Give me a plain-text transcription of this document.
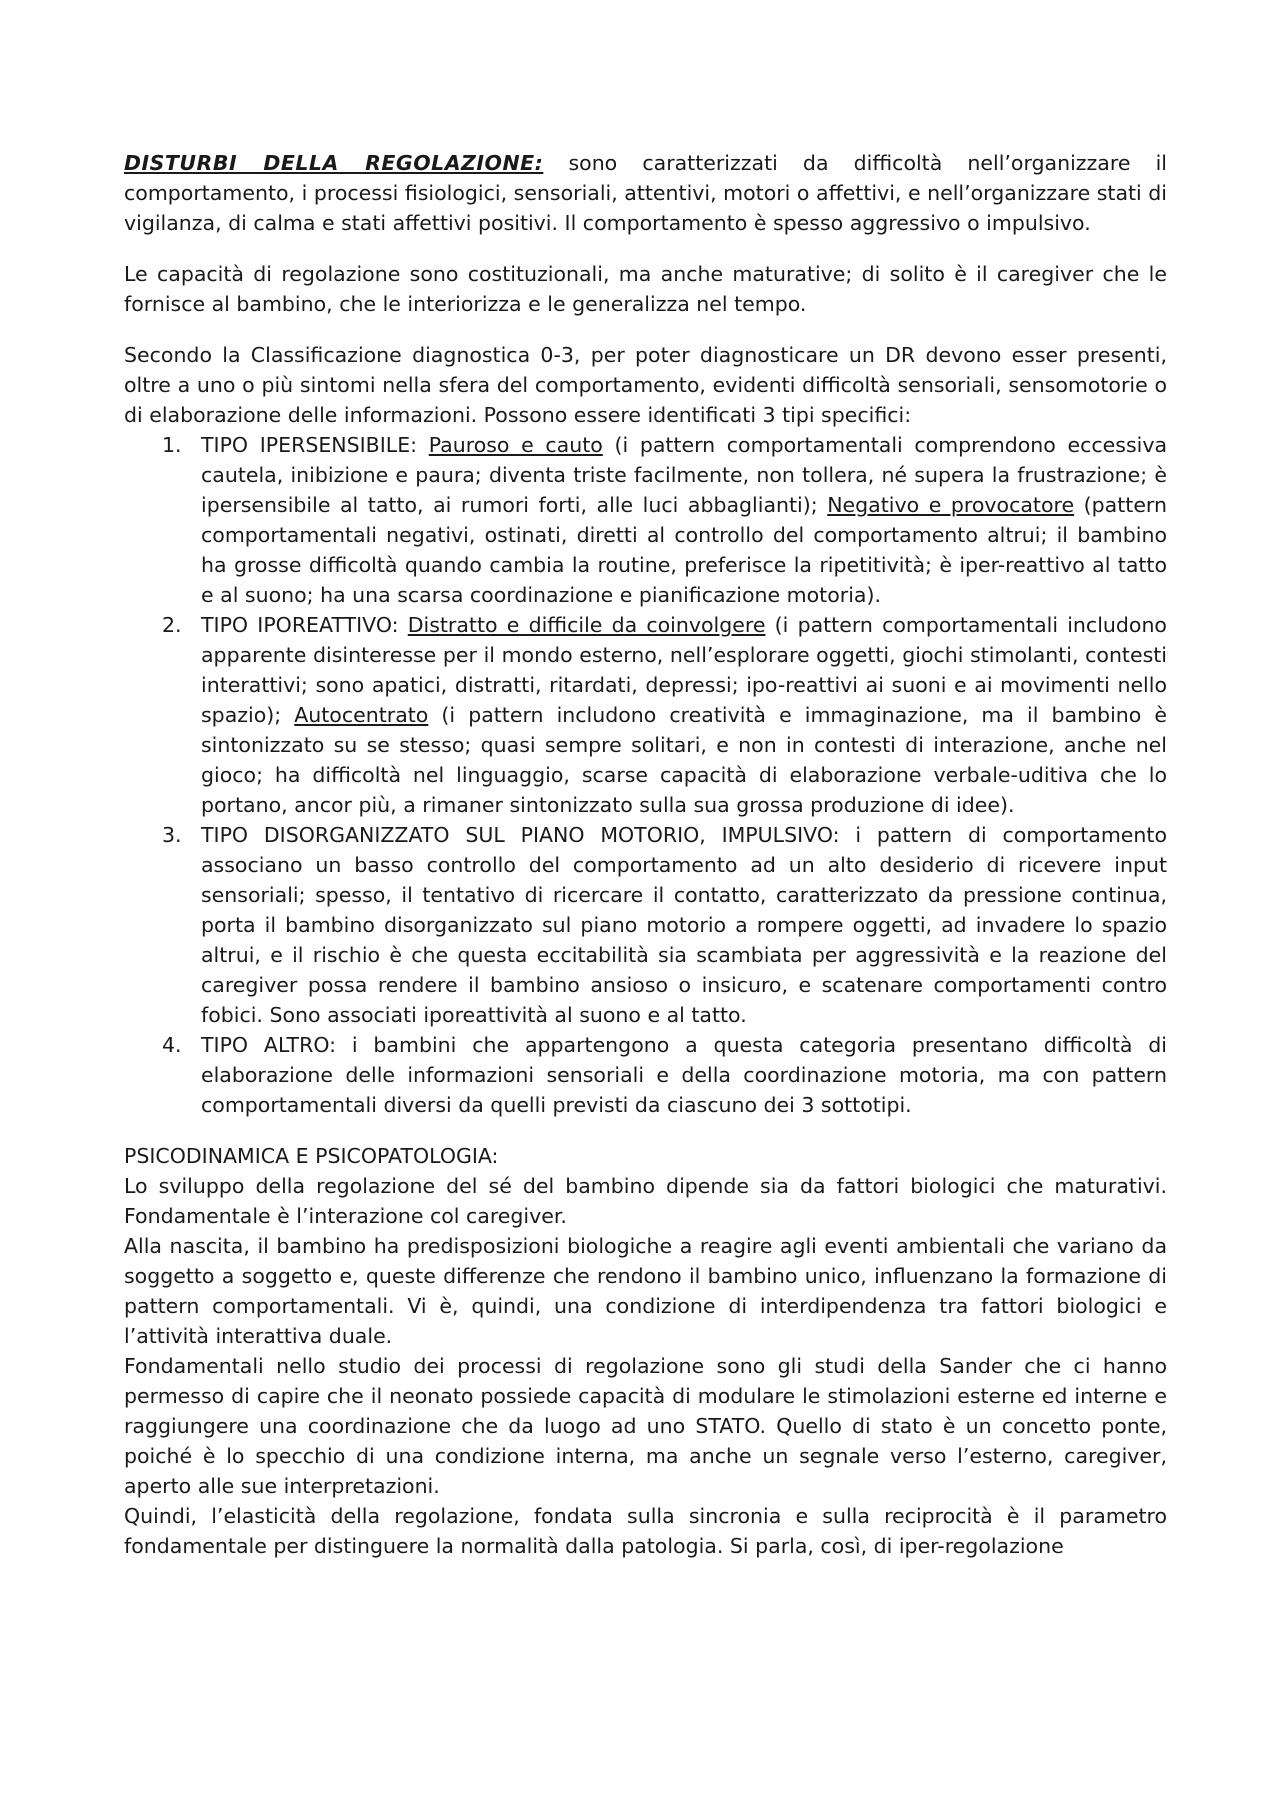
DISTURBI DELLA REGOLAZIONE: sono caratterizzati da difficoltà nell’organizzare il comportamento, i processi fisiologici, sensoriali, attentivi, motori o affettivi, e nell’organizzare stati di vigilanza, di calma e stati affettivi positivi. Il comportamento è spesso aggressivo o impulsivo.

Le capacità di regolazione sono costituzionali, ma anche maturative; di solito è il caregiver che le fornisce al bambino, che le interiorizza e le generalizza nel tempo.

Secondo la Classificazione diagnostica 0-3, per poter diagnosticare un DR devono esser presenti, oltre a uno o più sintomi nella sfera del comportamento, evidenti difficoltà sensoriali, sensomotorie o di elaborazione delle informazioni. Possono essere identificati 3 tipi specifici:

1. TIPO IPERSENSIBILE: Pauroso e cauto (i pattern comportamentali comprendono eccessiva cautela, inibizione e paura; diventa triste facilmente, non tollera, né supera la frustrazione; è ipersensibile al tatto, ai rumori forti, alle luci abbaglianti); Negativo e provocatore (pattern comportamentali negativi, ostinati, diretti al controllo del comportamento altrui; il bambino ha grosse difficoltà quando cambia la routine, preferisce la ripetitività; è iper-reattivo al tatto e al suono; ha una scarsa coordinazione e pianificazione motoria).
2. TIPO IPOREATTIVO: Distratto e difficile da coinvolgere (i pattern comportamentali includono apparente disinteresse per il mondo esterno, nell’esplorare oggetti, giochi stimolanti, contesti interattivi; sono apatici, distratti, ritardati, depressi; ipo-reattivi ai suoni e ai movimenti nello spazio); Autocentrato (i pattern includono creatività e immaginazione, ma il bambino è sintonizzato su se stesso; quasi sempre solitari, e non in contesti di interazione, anche nel gioco; ha difficoltà nel linguaggio, scarse capacità di elaborazione verbale-uditiva che lo portano, ancor più, a rimaner sintonizzato sulla sua grossa produzione di idee).
3. TIPO DISORGANIZZATO SUL PIANO MOTORIO, IMPULSIVO: i pattern di comportamento associano un basso controllo del comportamento ad un alto desiderio di ricevere input sensoriali; spesso, il tentativo di ricercare il contatto, caratterizzato da pressione continua, porta il bambino disorganizzato sul piano motorio a rompere oggetti, ad invadere lo spazio altrui, e il rischio è che questa eccitabilità sia scambiata per aggressività e la reazione del caregiver possa rendere il bambino ansioso o insicuro, e scatenare comportamenti contro fobici. Sono associati iporeattività al suono e al tatto.
4. TIPO ALTRO: i bambini che appartengono a questa categoria presentano difficoltà di elaborazione delle informazioni sensoriali e della coordinazione motoria, ma con pattern comportamentali diversi da quelli previsti da ciascuno dei 3 sottotipi.

PSICODINAMICA E PSICOPATOLOGIA:

Lo sviluppo della regolazione del sé del bambino dipende sia da fattori biologici che maturativi. Fondamentale è l’interazione col caregiver.

Alla nascita, il bambino ha predisposizioni biologiche a reagire agli eventi ambientali che variano da soggetto a soggetto e, queste differenze che rendono il bambino unico, influenzano la formazione di pattern comportamentali. Vi è, quindi, una condizione di interdipendenza tra fattori biologici e l’attività interattiva duale.

Fondamentali nello studio dei processi di regolazione sono gli studi della Sander che ci hanno permesso di capire che il neonato possiede capacità di modulare le stimolazioni esterne ed interne e raggiungere una coordinazione che da luogo ad uno STATO. Quello di stato è un concetto ponte, poiché è lo specchio di una condizione interna, ma anche un segnale verso l’esterno, caregiver, aperto alle sue interpretazioni.

Quindi, l’elasticità della regolazione, fondata sulla sincronia e sulla reciprocità è il parametro fondamentale per distinguere la normalità dalla patologia. Si parla, così, di iper-regolazione
